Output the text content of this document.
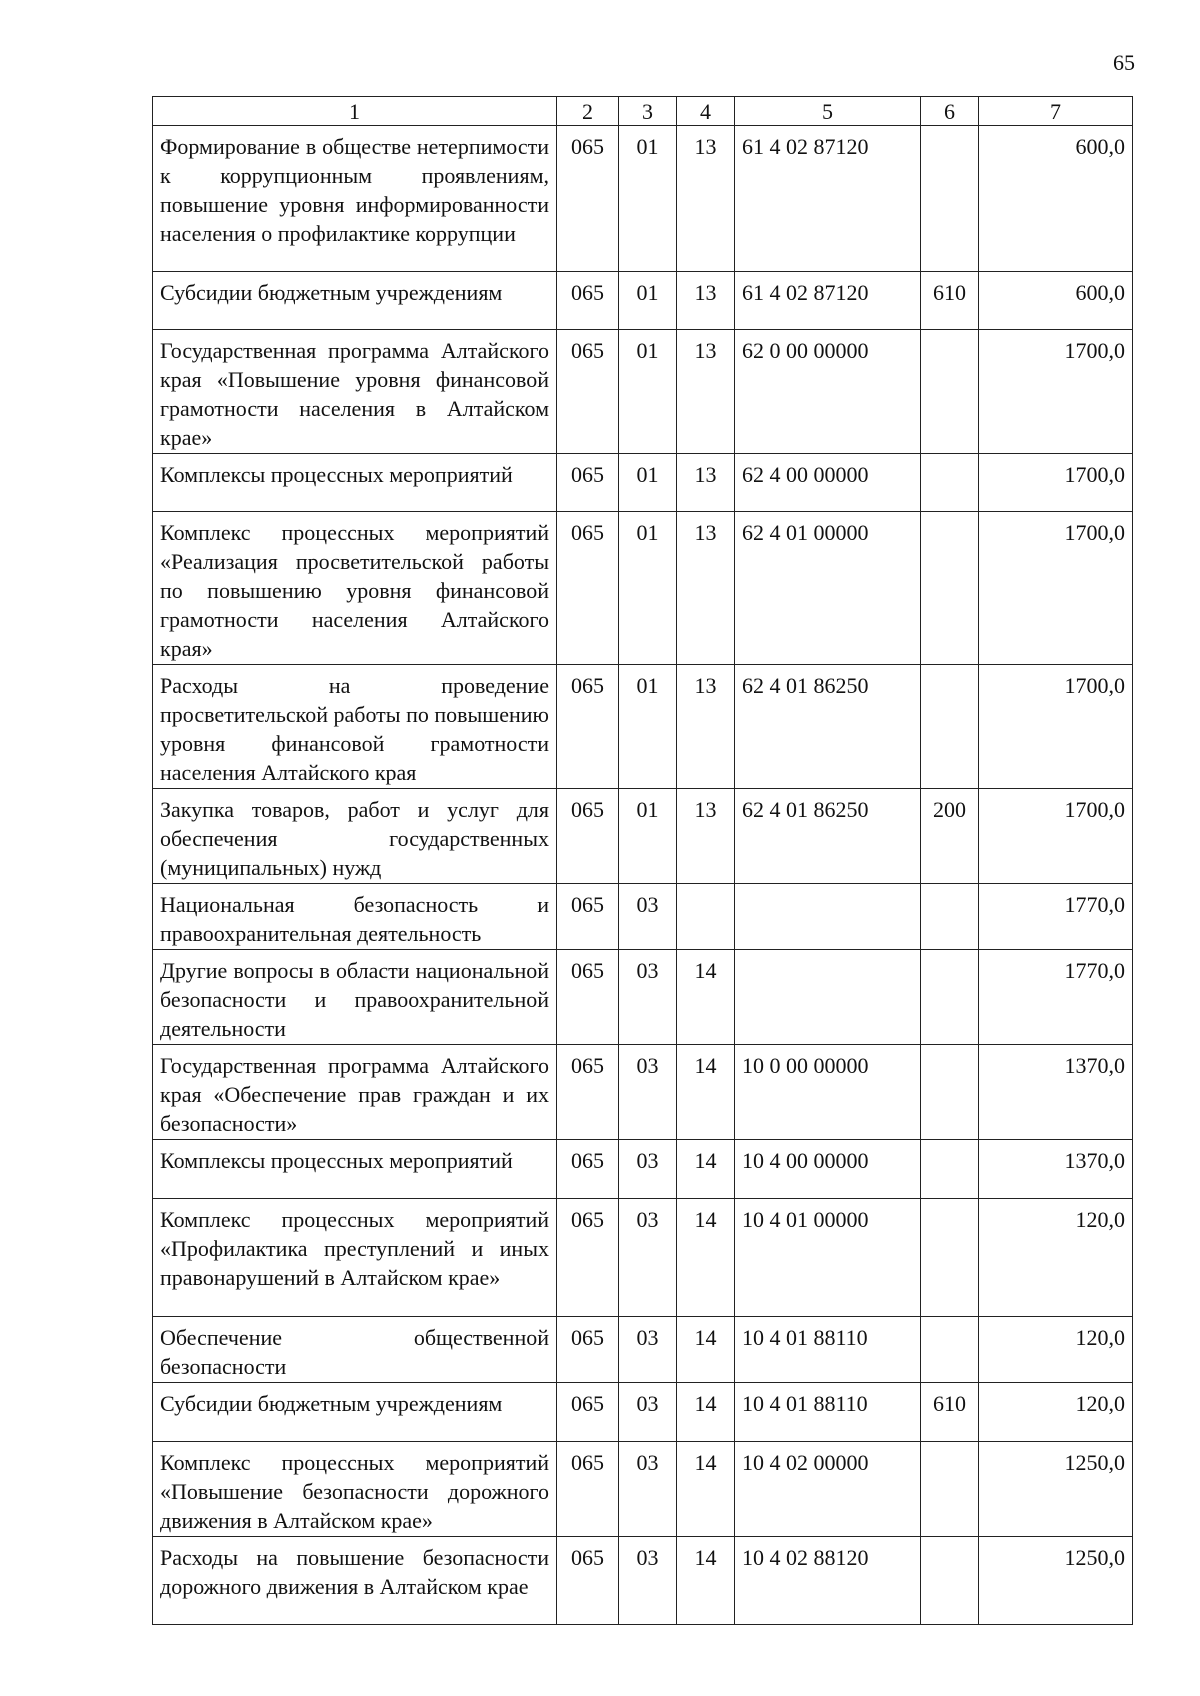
65
1	2	3	4	5	6	7
Формирование в обществе нетерпимости к коррупционным проявлениям, повышение уровня информированности населения о профилактике коррупции	065	01	13	61 4 02 87120		600,0
Субсидии бюджетным учреждениям	065	01	13	61 4 02 87120	610	600,0
Государственная программа Алтайского края «Повышение уровня финансовой грамотности населения в Алтайском крае»	065	01	13	62 0 00 00000		1700,0
Комплексы процессных мероприятий	065	01	13	62 4 00 00000		1700,0
Комплекс процессных мероприятий «Реализация просветительской работы по повышению уровня финансовой грамотности населения Алтайского края»	065	01	13	62 4 01 00000		1700,0
Расходы на проведение просветительской работы по повышению уровня финансовой грамотности населения Алтайского края	065	01	13	62 4 01 86250		1700,0
Закупка товаров, работ и услуг для обеспечения государственных (муниципальных) нужд	065	01	13	62 4 01 86250	200	1700,0
Национальная безопасность и правоохранительная деятельность	065	03				1770,0
Другие вопросы в области национальной безопасности и правоохранительной деятельности	065	03	14			1770,0
Государственная программа Алтайского края «Обеспечение прав граждан и их безопасности»	065	03	14	10 0 00 00000		1370,0
Комплексы процессных мероприятий	065	03	14	10 4 00 00000		1370,0
Комплекс процессных мероприятий «Профилактика преступлений и иных правонарушений в Алтайском крае»	065	03	14	10 4 01 00000		120,0
Обеспечение общественной безопасности	065	03	14	10 4 01 88110		120,0
Субсидии бюджетным учреждениям	065	03	14	10 4 01 88110	610	120,0
Комплекс процессных мероприятий «Повышение безопасности дорожного движения в Алтайском крае»	065	03	14	10 4 02 00000		1250,0
Расходы на повышение безопасности дорожного движения в Алтайском крае	065	03	14	10 4 02 88120		1250,0
